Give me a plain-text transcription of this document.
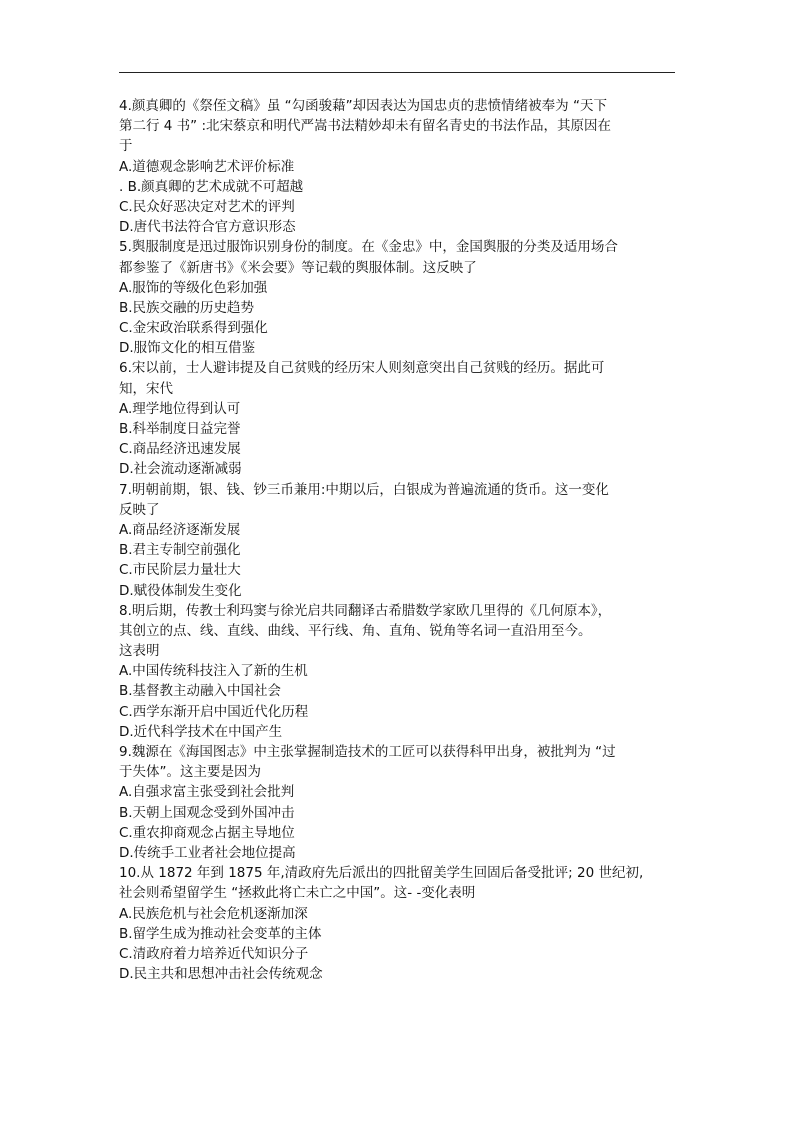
4.颜真卿的《祭侄文稿》虽 “勾函骏藉”却因表达为国忠贞的悲愤情绪被奉为 “天下
第二行 4 书” :北宋蔡京和明代严嵩书法精妙却未有留名青史的书法作品，其原因在
于
A.道德观念影响艺术评价标准
. B.颜真卿的艺术成就不可超越
C.民众好恶决定对艺术的评判
D.唐代书法符合官方意识形态
5.舆服制度是迅过服饰识别身份的制度。在《金忠》中，金国舆服的分类及适用场合
都参鉴了《新唐书》《米会要》等记载的舆服体制。这反映了
A.服饰的等级化色彩加强
B.民族交融的历史趋势
C.金宋政治联系得到强化
D.服饰文化的相互借鉴
6.宋以前，士人避讳提及自己贫贱的经历宋人则刻意突出自己贫贱的经历。据此可
知，宋代
A.理学地位得到认可
B.科举制度日益完誉
C.商品经济迅速发展
D.社会流动逐渐减弱
7.明朝前期，银、钱、钞三币兼用:中期以后，白银成为普遍流通的货币。这一变化
反映了
A.商品经济逐渐发展
B.君主专制空前强化
C.市民阶层力量壮大
D.赋役体制发生变化
8.明后期，传教士利玛窦与徐光启共同翻译古希腊数学家欧几里得的《几何原本》，
其创立的点、线、直线、曲线、平行线、角、直角、锐角等名词一直沿用至今。
这表明
A.中国传统科技注入了新的生机
B.基督教主动融入中国社会
C.西学东渐开启中国近代化历程
D.近代科学技术在中国产生
9.魏源在《海国图志》中主张掌握制造技术的工匠可以获得科甲出身，被批判为 “过
于失体”。这主要是因为
A.自强求富主张受到社会批判
B.天朝上国观念受到外国冲击
C.重农抑商观念占据主导地位
D.传统手工业者社会地位提高
10.从 1872 年到 1875 年,清政府先后派出的四批留美学生回固后备受批评; 20 世纪初,
社会则希望留学生 “拯救此将亡未亡之中国”。这- -变化表明
A.民族危机与社会危机逐渐加深
B.留学生成为推动社会变革的主体
C.清政府着力培养近代知识分子
D.民主共和思想冲击社会传统观念
